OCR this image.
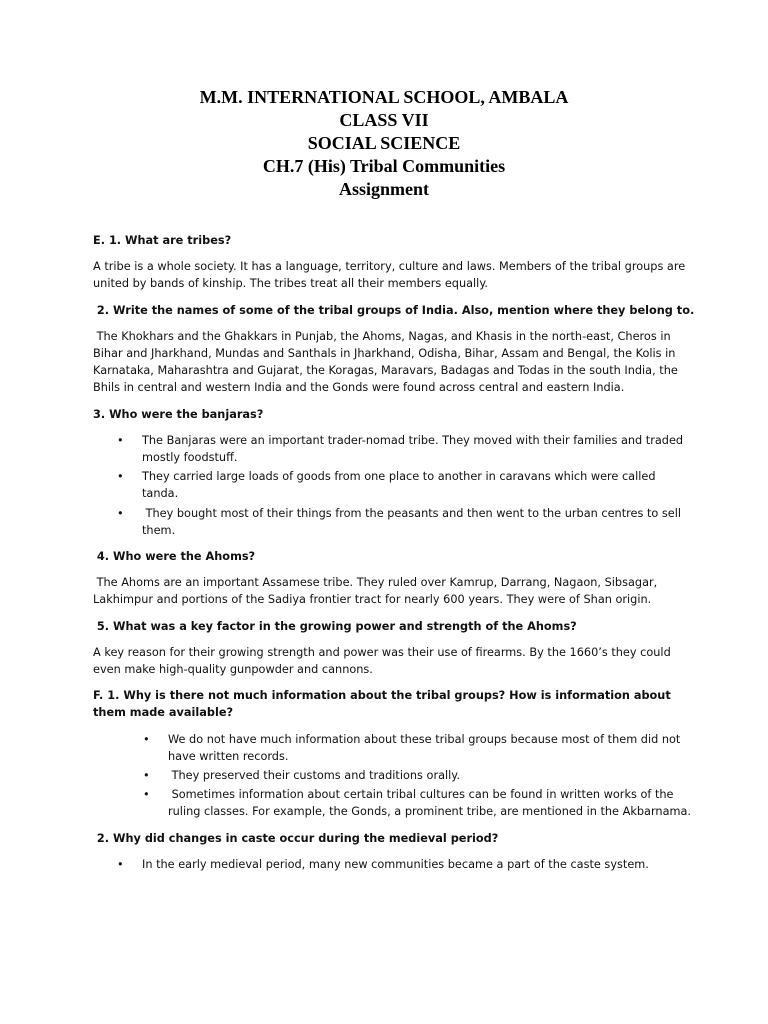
M.M. INTERNATIONAL SCHOOL, AMBALA
CLASS VII
SOCIAL SCIENCE
CH.7 (His) Tribal Communities
Assignment
E. 1. What are tribes?
A tribe is a whole society. It has a language, territory, culture and laws. Members of the tribal groups are united by bands of kinship. The tribes treat all their members equally.
2. Write the names of some of the tribal groups of India. Also, mention where they belong to.
The Khokhars and the Ghakkars in Punjab, the Ahoms, Nagas, and Khasis in the north-east, Cheros in Bihar and Jharkhand, Mundas and Santhals in Jharkhand, Odisha, Bihar, Assam and Bengal, the Kolis in Karnataka, Maharashtra and Gujarat, the Koragas, Maravars, Badagas and Todas in the south India, the Bhils in central and western India and the Gonds were found across central and eastern India.
3. Who were the banjaras?
• The Banjaras were an important trader-nomad tribe. They moved with their families and traded mostly foodstuff.
• They carried large loads of goods from one place to another in caravans which were called tanda.
• They bought most of their things from the peasants and then went to the urban centres to sell them.
4. Who were the Ahoms?
The Ahoms are an important Assamese tribe. They ruled over Kamrup, Darrang, Nagaon, Sibsagar, Lakhimpur and portions of the Sadiya frontier tract for nearly 600 years. They were of Shan origin.
5. What was a key factor in the growing power and strength of the Ahoms?
A key reason for their growing strength and power was their use of firearms. By the 1660’s they could even make high-quality gunpowder and cannons.
F. 1. Why is there not much information about the tribal groups? How is information about them made available?
• We do not have much information about these tribal groups because most of them did not have written records.
• They preserved their customs and traditions orally.
• Sometimes information about certain tribal cultures can be found in written works of the ruling classes. For example, the Gonds, a prominent tribe, are mentioned in the Akbarnama.
2. Why did changes in caste occur during the medieval period?
• In the early medieval period, many new communities became a part of the caste system.
